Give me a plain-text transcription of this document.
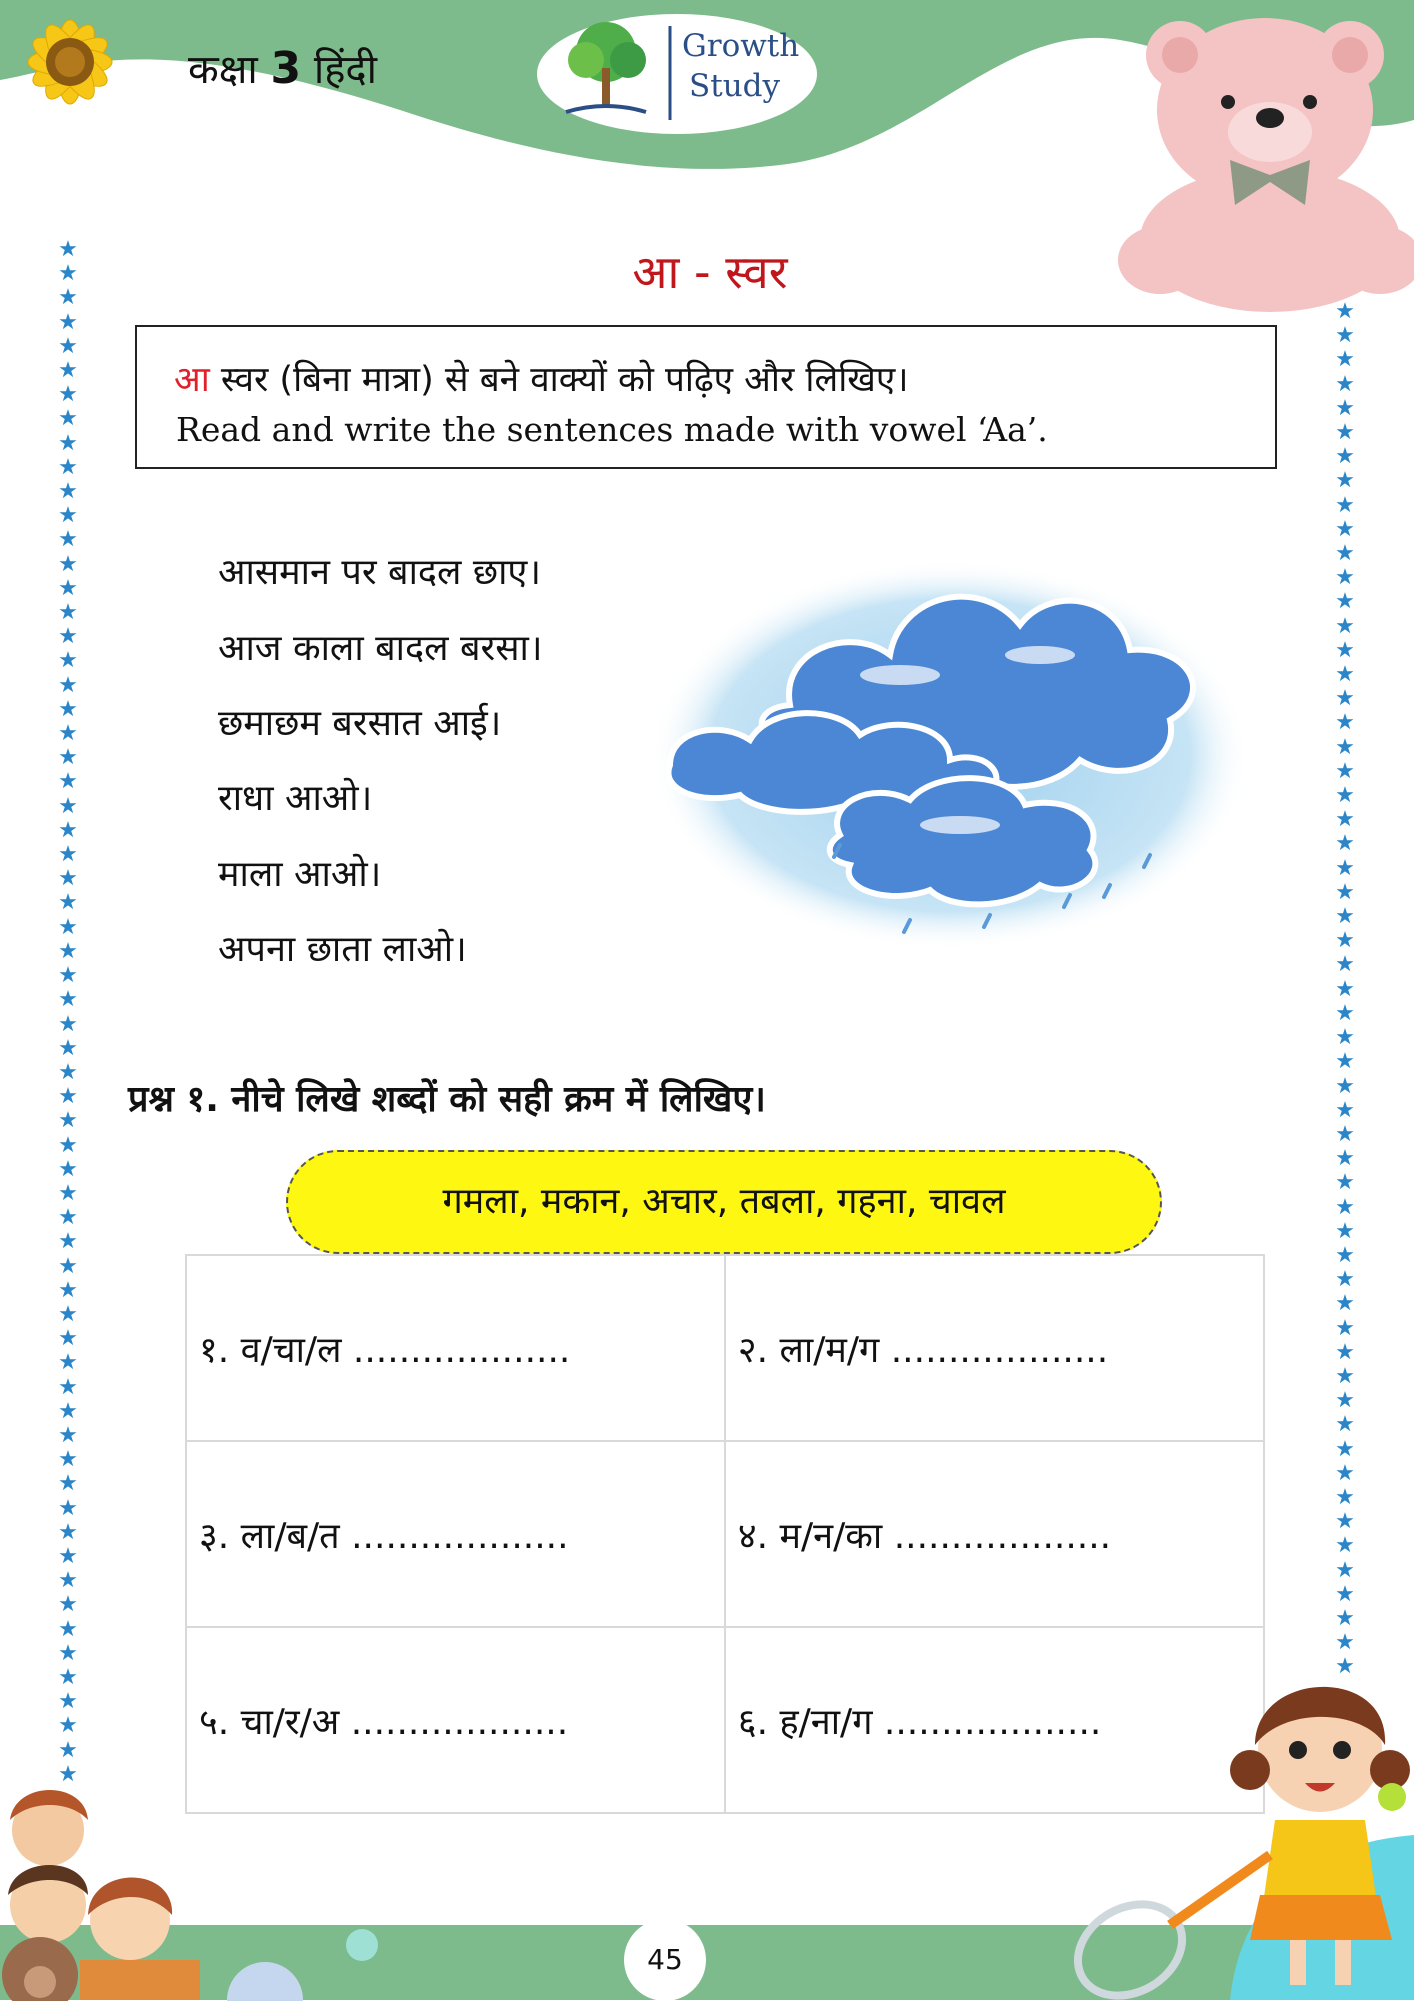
कक्षा 3 हिंदी
Growth
Study
★
★
★
★
★
★
★
★
★
★
★
★
★
★
★
★
★
★
★
★
★
★
★
★
★
★
★
★
★
★
★
★
★
★
★
★
★
★
★
★
★
★
★
★
★
★
★
★
★
★
★
★
★
★
★
★
★
★
★
★
★
★
★
★
★
★
★
★
★
★
★
★
★
★
★
★
★
★
★
★
★
★
★
★
★
★
★
★
★
★
★
★
★
★
★
★
★
★
★
★
★
★
★
★
★
★
★
★
★
★
★
★
★
★
★
★
★
★
★
★
★
आ - स्वर
आ स्वर (बिना मात्रा) से बने वाक्यों को पढ़िए और लिखिए।
Read and write the sentences made with vowel ‘Aa’.
आसमान पर बादल छाए।
आज काला बादल बरसा।
छमाछम बरसात आई।
राधा आओ।
माला आओ।
अपना छाता लाओ।
प्रश्न १. नीचे लिखे शब्दों को सही क्रम में लिखिए।
गमला, मकान, अचार, तबला, गहना, चावल
१. व/चा/ल ...................	२. ला/म/ग ...................
३. ला/ब/त ...................	४. म/न/का ...................
५. चा/र/अ ...................	६. ह/ना/ग ...................
45
